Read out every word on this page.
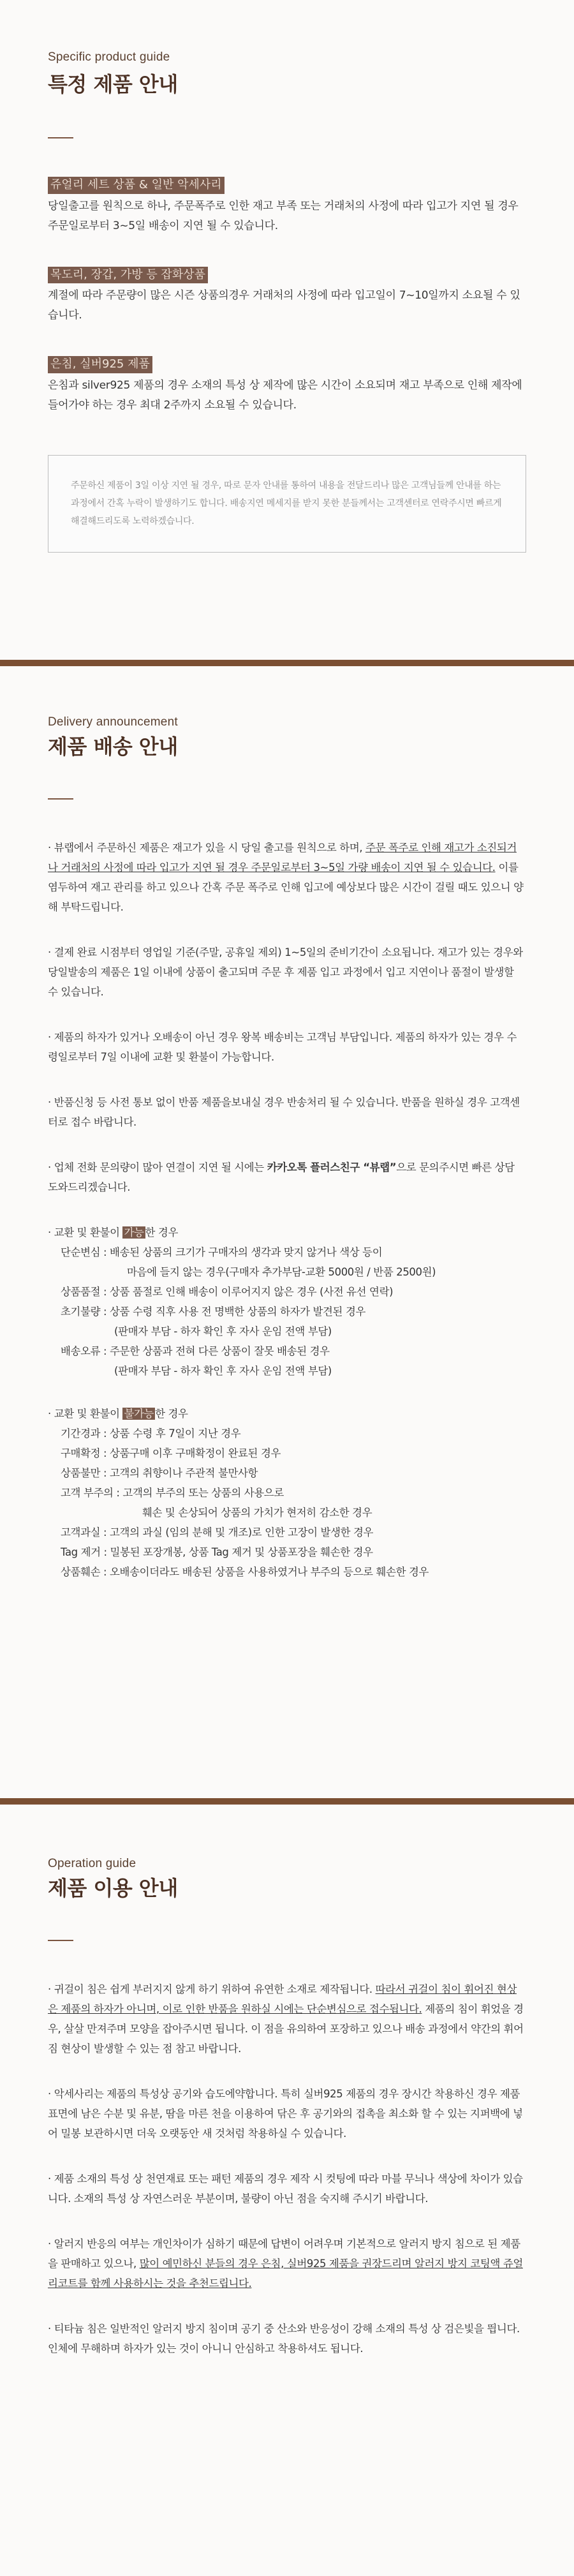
Specific product guide
특정 제품 안내
쥬얼리 세트 상품 & 일반 악세사리

당일출고를 원칙으로 하나, 주문폭주로 인한 재고 부족 또는 거래처의 사정에 따라 입고가 지연 될 경우 주문일로부터 3~5일 배송이 지연 될 수 있습니다.

목도리, 장갑, 가방 등 잡화상품

계절에 따라 주문량이 많은 시즌 상품의경우 거래처의 사정에 따라 입고일이 7~10일까지 소요될 수 있습니다.

은침, 실버925 제품

은침과 silver925 제품의 경우 소재의 특성 상 제작에 많은 시간이 소요되며 재고 부족으로 인해 제작에 들어가야 하는 경우 최대 2주까지 소요될 수 있습니다.

주문하신 제품이 3일 이상 지연 될 경우, 따로 문자 안내를 통하여 내용을 전달드리나 많은 고객님들께 안내를 하는 과정에서 간혹 누락이 발생하기도 합니다. 배송지연 메세지를 받지 못한 분들께서는 고객센터로 연락주시면 빠르게 해결해드리도록 노력하겠습니다.
Delivery announcement
제품 배송 안내

· 뷰랩에서 주문하신 제품은 재고가 있을 시 당일 출고를 원칙으로 하며, 주문 폭주로 인해 재고가 소진되거나 거래처의 사정에 따라 입고가 지연 될 경우 주문일로부터 3~5일 가량 배송이 지연 될 수 있습니다. 이를 염두하여 재고 관리를 하고 있으나 간혹 주문 폭주로 인해 입고에 예상보다 많은 시간이 걸릴 때도 있으니 양해 부탁드립니다.

· 결제 완료 시점부터 영업일 기준(주말, 공휴일 제외) 1~5일의 준비기간이 소요됩니다. 재고가 있는 경우와 당일발송의 제품은 1일 이내에 상품이 출고되며 주문 후 제품 입고 과정에서 입고 지연이나 품절이 발생할 수 있습니다.

· 제품의 하자가 있거나 오배송이 아닌 경우 왕복 배송비는 고객님 부담입니다. 제품의 하자가 있는 경우 수령일로부터 7일 이내에 교환 및 환불이 가능합니다.

· 반품신청 등 사전 통보 없이 반품 제품을보내실 경우 반송처리 될 수 있습니다. 반품을 원하실 경우 고객센터로 접수 바랍니다.

· 업체 전화 문의량이 많아 연결이 지연 될 시에는 카카오톡 플러스친구 “뷰랩”으로 문의주시면 빠른 상담 도와드리겠습니다.

· 교환 및 환불이 가능 한 경우

단순변심 : 배송된 상품의 크기가 구매자의 생각과 맞지 않거나 색상 등이
마음에 들지 않는 경우(구매자 추가부담-교환 5000원 / 반품 2500원)
상품품절 : 상품 품절로 인해 배송이 이루어지지 않은 경우 (사전 유선 연락)
초기불량 : 상품 수령 직후 사용 전 명백한 상품의 하자가 발견된 경우
(판매자 부담 - 하자 확인 후 자사 운임 전액 부담)
배송오류 : 주문한 상품과 전혀 다른 상품이 잘못 배송된 경우
(판매자 부담 - 하자 확인 후 자사 운임 전액 부담)

· 교환 및 환불이 불가능 한 경우

기간경과 : 상품 수령 후 7일이 지난 경우
구매확정 : 상품구매 이후 구매확정이 완료된 경우
상품불만 : 고객의 취향이나 주관적 불만사항
고객 부주의 : 고객의 부주의 또는 상품의 사용으로
훼손 및 손상되어 상품의 가치가 현저히 감소한 경우
고객과실 : 고객의 과실 (임의 분해 및 개조)로 인한 고장이 발생한 경우
Tag 제거 : 밀봉된 포장개봉, 상품 Tag 제거 및 상품포장을 훼손한 경우
상품훼손 : 오배송이더라도 배송된 상품을 사용하였거나 부주의 등으로 훼손한 경우
Operation guide
제품 이용 안내

· 귀걸이 침은 쉽게 부러지지 않게 하기 위하여 유연한 소재로 제작됩니다. 따라서 귀걸이 침이 휘어진 현상은 제품의 하자가 아니며, 이로 인한 반품을 원하실 시에는 단순변심으로 접수됩니다. 제품의 침이 휘었을 경우, 살살 만져주며 모양을 잡아주시면 됩니다. 이 점을 유의하여 포장하고 있으나 배송 과정에서 약간의 휘어짐 현상이 발생할 수 있는 점 참고 바랍니다.

· 악세사리는 제품의 특성상 공기와 습도에약합니다. 특히 실버925 제품의 경우 장시간 착용하신 경우 제품 표면에 남은 수분 및 유분, 땀을 마른 천을 이용하여 닦은 후 공기와의 접촉을 최소화 할 수 있는 지퍼백에 넣어 밀봉 보관하시면 더욱 오랫동안 새 것처럼 착용하실 수 있습니다.

· 제품 소재의 특성 상 천연재료 또는 패턴 제품의 경우 제작 시 컷팅에 따라 마블 무늬나 색상에 차이가 있습니다. 소재의 특성 상 자연스러운 부분이며, 불량이 아닌 점을 숙지해 주시기 바랍니다.

· 알러지 반응의 여부는 개인차이가 심하기 때문에 답변이 어려우며 기본적으로 알러지 방지 침으로 된 제품을 판매하고 있으나, 많이 예민하신 분들의 경우 은침, 실버925 제품을 권장드리며 알러지 방지 코팅액 쥬얼리코트를 함께 사용하시는 것을 추천드립니다.

· 티타늄 침은 일반적인 알러지 방지 침이며 공기 중 산소와 반응성이 강해 소재의 특성 상 검은빛을 띕니다. 인체에 무해하며 하자가 있는 것이 아니니 안심하고 착용하셔도 됩니다.
